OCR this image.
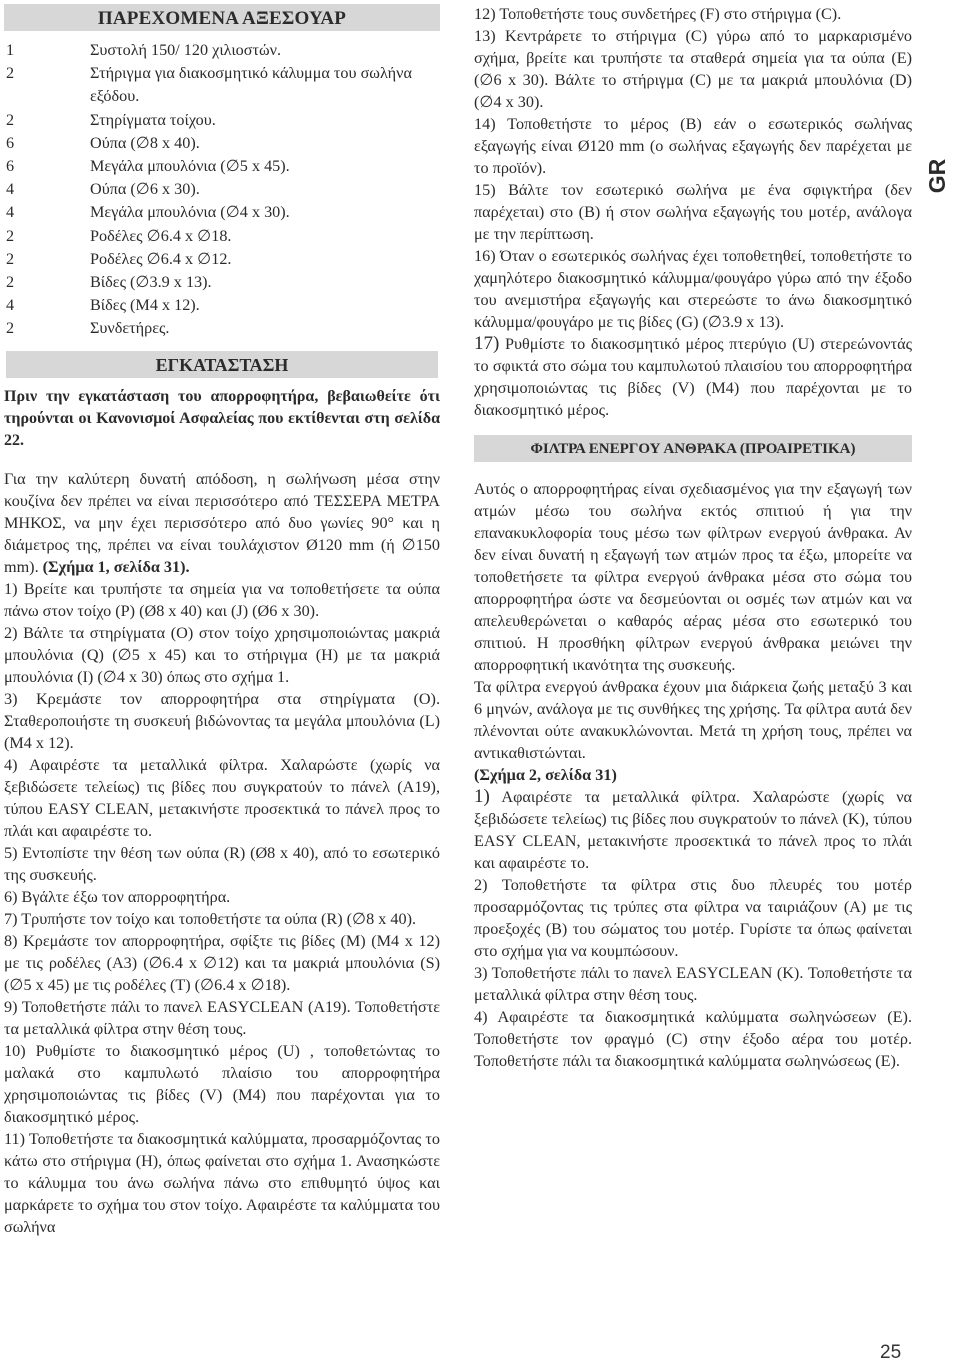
ΠΑΡΕΧΟΜΕΝΑ ΑΞΕΣΟΥΑΡ
1	Συστολή 150/ 120 χιλιοστών.
2	Στήριγμα για διακοσμητικό κάλυμμα του σωλήνα εξόδου.
2	Στηρίγματα τοίχου.
6	Ούπα (∅8 x 40).
6	Μεγάλα μπουλόνια (∅5 x 45).
4	Ούπα (∅6 x 30).
4	Μεγάλα μπουλόνια (∅4 x 30).
2	Ροδέλες ∅6.4 x ∅18.
2	Ροδέλες ∅6.4 x ∅12.
2	Βίδες (∅3.9 x 13).
4	Βίδες (M4 x 12).
2	Συνδετήρες.
ΕΓΚΑΤΑΣΤΑΣΗ

Πριν την εγκατάσταση του απορροφητήρα, βεβαιωθείτε ότι τηρούνται οι Κανονισμοί Ασφαλείας που εκτίθενται στη σελίδα 22.

Για την καλύτερη δυνατή απόδοση, η σωλήνωση μέσα στην κουζίνα δεν πρέπει να είναι περισσότερο από ΤΕΣΣΕΡΑ ΜΕΤΡΑ ΜΗΚΟΣ, να μην έχει περισσότερο από δυο γωνίες 90° και η διάμετρος της, πρέπει να είναι τουλάχιστον Ø120 mm (ή ∅150 mm). (Σχήμα 1, σελίδα 31).

1) Βρείτε και τρυπήστε τα σημεία για να τοποθετήσετε τα ούπα πάνω στον τοίχο (P) (Ø8 x 40) και (J) (Ø6 x 30).

2) Βάλτε τα στηρίγματα (O) στον τοίχο χρησιμοποιώντας μακριά μπουλόνια (Q) (∅5 x 45) και το στήριγμα (H) με τα μακριά μπουλόνια (I) (∅4 x 30) όπως στο σχήμα 1.

3) Κρεμάστε τον απορροφητήρα στα στηρίγματα (O). Σταθεροποιήστε τη συσκευή βιδώνοντας τα μεγάλα μπουλόνια (L) (M4 x 12).

4) Αφαιρέστε τα μεταλλικά φίλτρα. Χαλαρώστε (χωρίς να ξεβιδώσετε τελείως) τις βίδες που συγκρατούν το πάνελ (A19), τύπου EASY CLEAN, μετακινήστε προσεκτικά το πάνελ προς το πλάι και αφαιρέστε το.

5) Εντοπίστε την θέση των ούπα (R) (Ø8 x 40), από το εσωτερικό της συσκευής.

6) Βγάλτε έξω τον απορροφητήρα.

7) Τρυπήστε τον τοίχο και τοποθετήστε τα ούπα (R) (∅8 x 40).

8) Κρεμάστε τον απορροφητήρα, σφίξτε τις βίδες (M) (M4 x 12) με τις ροδέλες (A3) (∅6.4 x ∅12) και τα μακριά μπουλόνια (S) (∅5 x 45) με τις ροδέλες (T) (∅6.4 x ∅18).

9) Τοποθετήστε πάλι το πανελ EASYCLEAN (A19). Τοποθετήστε τα μεταλλικά φίλτρα στην θέση τους.

10) Ρυθμίστε το διακοσμητικό μέρος (U) , τοποθετώντας το μαλακά στο καμπυλωτό πλαίσιο του απορροφητήρα χρησιμοποιώντας τις βίδες (V) (M4) που παρέχονται για το διακοσμητικό μέρος.

11) Τοποθετήστε τα διακοσμητικά καλύμματα, προσαρμόζοντας το κάτω στο στήριγμα (H), όπως φαίνεται στο σχήμα 1. Ανασηκώστε το κάλυμμα του άνω σωλήνα πάνω στο επιθυμητό ύψος και μαρκάρετε το σχήμα του στον τοίχο. Αφαιρέστε τα καλύμματα του σωλήνα

12) Τοποθετήστε τους συνδετήρες (F) στο στήριγμα (C).

13) Κεντράρετε το στήριγμα (C) γύρω από το μαρκαρισμένο σχήμα, βρείτε και τρυπήστε τα σταθερά σημεία για τα ούπα (E) (∅6 x 30). Βάλτε το στήριγμα (C) με τα μακριά μπουλόνια (D) (∅4 x 30).

14) Τοποθετήστε το μέρος (B) εάν ο εσωτερικός σωλήνας εξαγωγής είναι Ø120 mm (ο σωλήνας εξαγωγής δεν παρέχεται με το προϊόν).

15) Βάλτε τον εσωτερικό σωλήνα με ένα σφιγκτήρα (δεν παρέχεται) στο (B) ή στον σωλήνα εξαγωγής του μοτέρ, ανάλογα με την περίπτωση.

16) Όταν ο εσωτερικός σωλήνας έχει τοποθετηθεί, τοποθετήστε το χαμηλότερο διακοσμητικό κάλυμμα/φουγάρο γύρω από την έξοδο του ανεμιστήρα εξαγωγής και στερεώστε το άνω διακοσμητικό κάλυμμα/φουγάρο με τις βίδες (G) (∅3.9 x 13).

17) Ρυθμίστε το διακοσμητικό μέρος πτερύγιο (U) στερεώνοντάς το σφικτά στο σώμα του καμπυλωτού πλαισίου του απορροφητήρα χρησιμοποιώντας τις βίδες (V) (M4) που παρέχονται με το διακοσμητικό μέρος.

ΦΙΛΤΡΑ ΕΝΕΡΓΟΥ ΑΝΘΡΑΚΑ (ΠΡΟΑΙΡΕΤΙΚΑ)

Αυτός ο απορροφητήρας είναι σχεδιασμένος για την εξαγωγή των ατμών μέσω του σωλήνα εκτός σπιτιού ή για την επανακυκλοφορία τους μέσω των φίλτρων ενεργού άνθρακα. Αν δεν είναι δυνατή η εξαγωγή των ατμών προς τα έξω, μπορείτε να τοποθετήσετε τα φίλτρα ενεργού άνθρακα μέσα στο σώμα του απορροφητήρα ώστε να δεσμεύονται οι οσμές των ατμών και να απελευθερώνεται ο καθαρός αέρας μέσα στο εσωτερικό του σπιτιού. Η προσθήκη φίλτρων ενεργού άνθρακα μειώνει την απορροφητική ικανότητα της συσκευής.

Τα φίλτρα ενεργού άνθρακα έχουν μια διάρκεια ζωής μεταξύ 3 και 6 μηνών, ανάλογα με τις συνθήκες της χρήσης. Τα φίλτρα αυτά δεν πλένονται ούτε ανακυκλώνονται. Μετά τη χρήση τους, πρέπει να αντικαθιστώνται.

(Σχήμα 2, σελίδα 31)

1) Αφαιρέστε τα μεταλλικά φίλτρα. Χαλαρώστε (χωρίς να ξεβιδώσετε τελείως) τις βίδες που συγκρατούν το πάνελ (K), τύπου EASY CLEAN, μετακινήστε προσεκτικά το πάνελ προς το πλάι και αφαιρέστε το.

2) Τοποθετήστε τα φίλτρα στις δυο πλευρές του μοτέρ προσαρμόζοντας τις τρύπες στα φίλτρα να ταιριάζουν (A) με τις προεξοχές (B) του σώματος του μοτέρ. Γυρίστε τα όπως φαίνεται στο σχήμα για να κουμπώσουν.

3) Τοποθετήστε πάλι το πανελ EASYCLEAN (K). Τοποθετήστε τα μεταλλικά φίλτρα στην θέση τους.

4) Αφαιρέστε τα διακοσμητικά καλύμματα σωληνώσεων (E). Τοποθετήστε τον φραγμό (C) στην έξοδο αέρα του μοτέρ. Τοποθετήστε πάλι τα διακοσμητικά καλύμματα σωληνώσεως (E).

GR
25
